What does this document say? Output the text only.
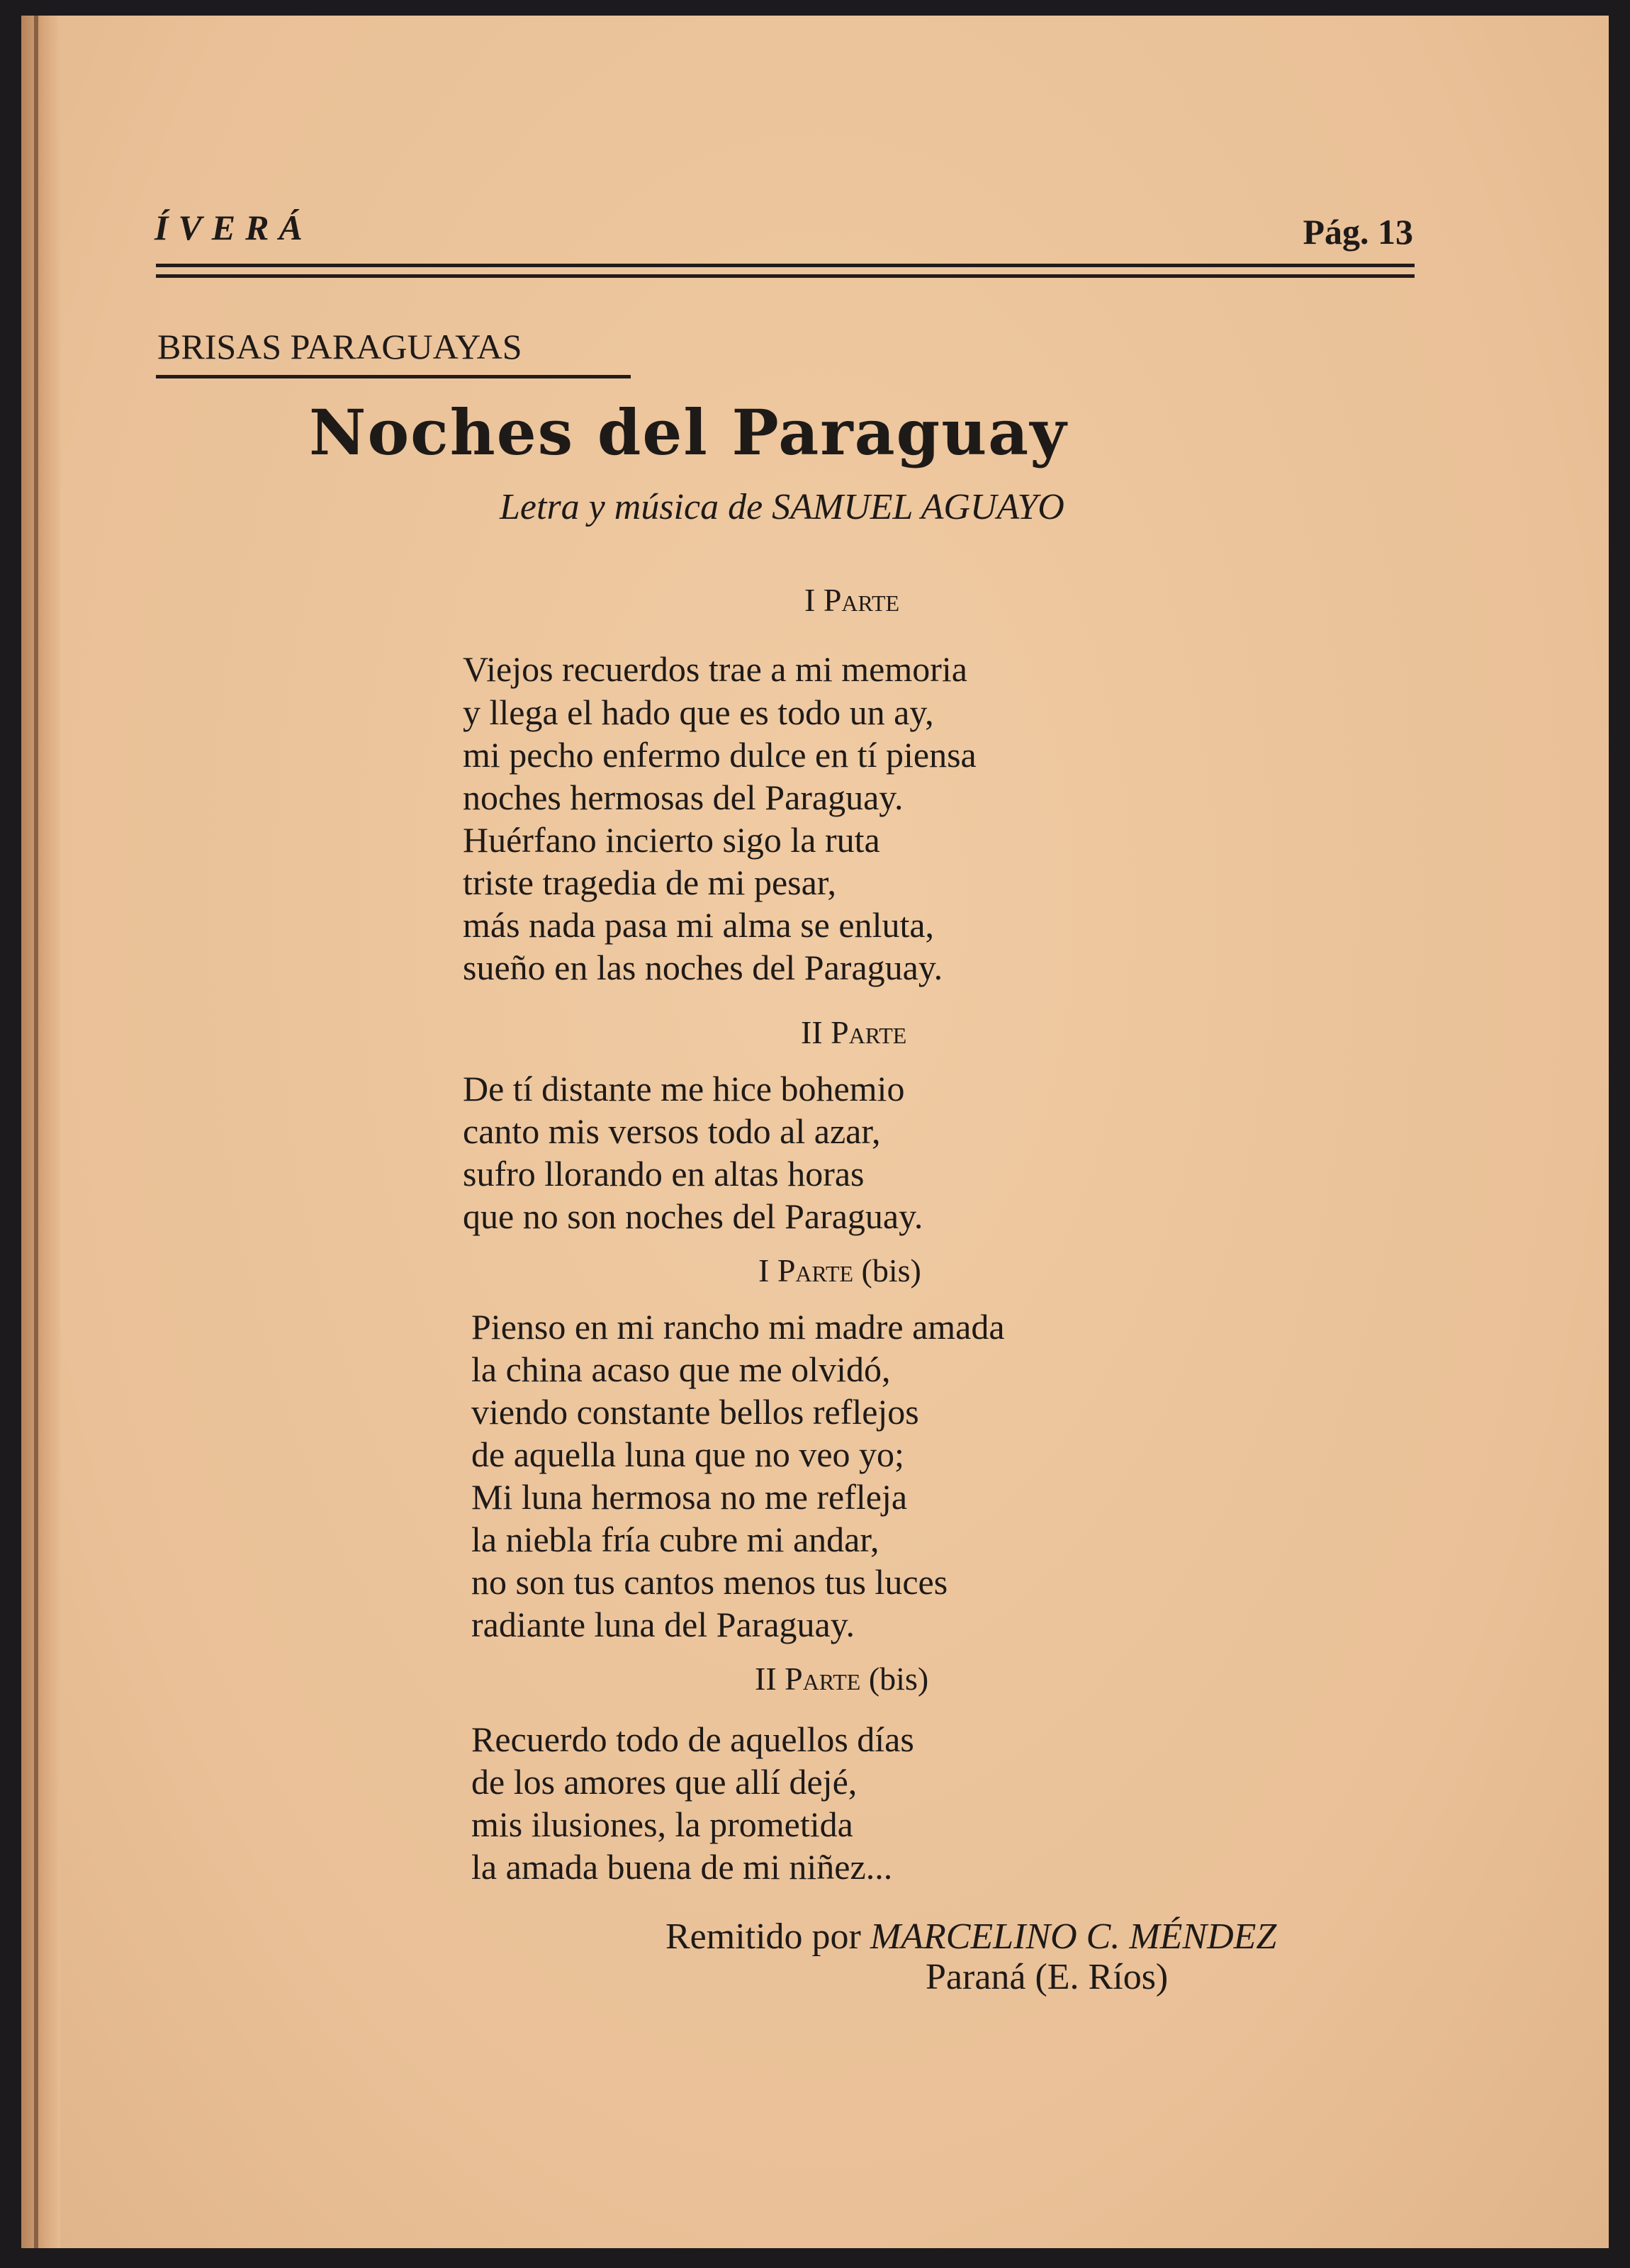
ÍVERÁ	Pág. 13
BRISAS PARAGUAYAS
Noches del Paraguay
Letra y música de SAMUEL AGUAYO
I Parte
Viejos recuerdos trae a mi memoria
y llega el hado que es todo un ay,
mi pecho enfermo dulce en tí piensa
noches hermosas del Paraguay.
Huérfano incierto sigo la ruta
triste tragedia de mi pesar,
más nada pasa mi alma se enluta,
sueño en las noches del Paraguay.
II Parte
De tí distante me hice bohemio
canto mis versos todo al azar,
sufro llorando en altas horas
que no son noches del Paraguay.
I Parte (bis)
Pienso en mi rancho mi madre amada
la china acaso que me olvidó,
viendo constante bellos reflejos
de aquella luna que no veo yo;
Mi luna hermosa no me refleja
la niebla fría cubre mi andar,
no son tus cantos menos tus luces
radiante luna del Paraguay.
II Parte (bis)
Recuerdo todo de aquellos días
de los amores que allí dejé,
mis ilusiones, la prometida
la amada buena de mi niñez...
Remitido por MARCELINO C. MÉNDEZ
Paraná (E. Ríos)
